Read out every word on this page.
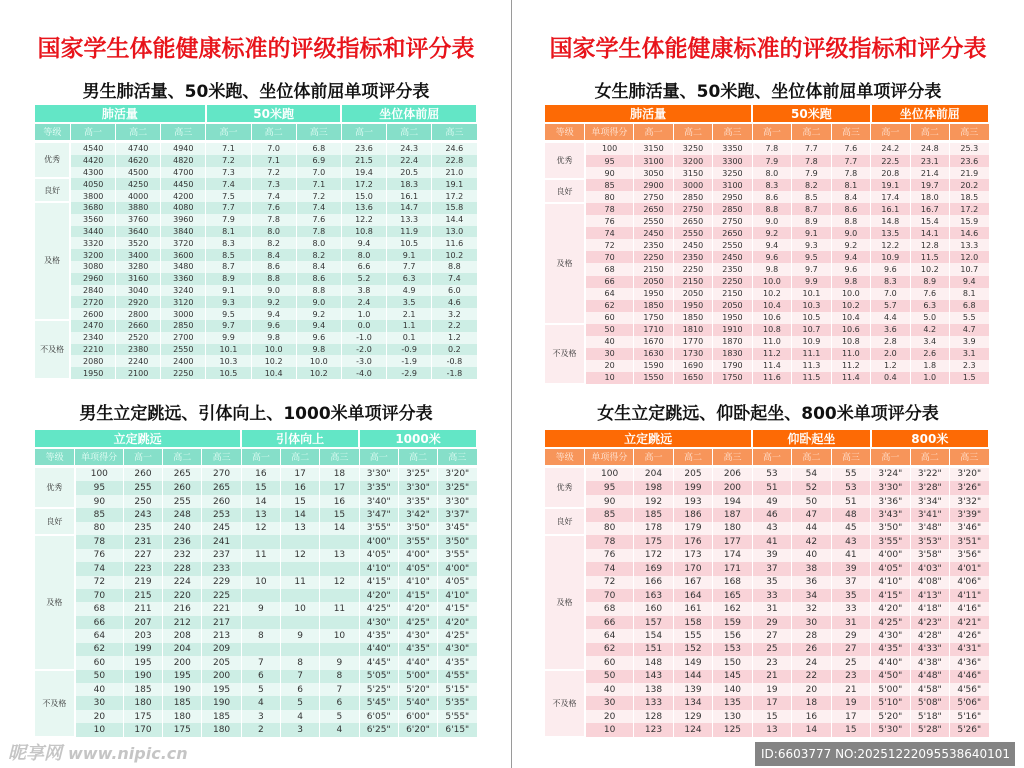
国家学生体能健康标准的评级指标和评分表	国家学生体能健康标准的评级指标和评分表
男生肺活量、50米跑、坐位体前屈单项评分表	女生肺活量、50米跑、坐位体前屈单项评分表
男生立定跳远、引体向上、1000米单项评分表	女生立定跳远、仰卧起坐、800米单项评分表
肺活量				50米跑			坐位体前屈		
等级	高一	高二	高三	高一	高二	高三	高一	高二	高三
优秀	4540	4740	4940	7.1	7.0	6.8	23.6	24.3	24.6
	4420	4620	4820	7.2	7.1	6.9	21.5	22.4	22.8
	4300	4500	4700	7.3	7.2	7.0	19.4	20.5	21.0
良好	4050	4250	4450	7.4	7.3	7.1	17.2	18.3	19.1
	3800	4000	4200	7.5	7.4	7.2	15.0	16.1	17.2
及格	3680	3880	4080	7.7	7.6	7.4	13.6	14.7	15.8
	3560	3760	3960	7.9	7.8	7.6	12.2	13.3	14.4
	3440	3640	3840	8.1	8.0	7.8	10.8	11.9	13.0
	3320	3520	3720	8.3	8.2	8.0	9.4	10.5	11.6
	3200	3400	3600	8.5	8.4	8.2	8.0	9.1	10.2
	3080	3280	3480	8.7	8.6	8.4	6.6	7.7	8.8
	2960	3160	3360	8.9	8.8	8.6	5.2	6.3	7.4
	2840	3040	3240	9.1	9.0	8.8	3.8	4.9	6.0
	2720	2920	3120	9.3	9.2	9.0	2.4	3.5	4.6
	2600	2800	3000	9.5	9.4	9.2	1.0	2.1	3.2
不及格	2470	2660	2850	9.7	9.6	9.4	0.0	1.1	2.2
	2340	2520	2700	9.9	9.8	9.6	-1.0	0.1	1.2
	2210	2380	2550	10.1	10.0	9.8	-2.0	-0.9	0.2
	2080	2240	2400	10.3	10.2	10.0	-3.0	-1.9	-0.8
	1950	2100	2250	10.5	10.4	10.2	-4.0	-2.9	-1.8
肺活量					50米跑			坐位体前屈		
等级	单项得分	高一	高二	高三	高一	高二	高三	高一	高二	高三
优秀	100	3150	3250	3350	7.8	7.7	7.6	24.2	24.8	25.3
	95	3100	3200	3300	7.9	7.8	7.7	22.5	23.1	23.6
	90	3050	3150	3250	8.0	7.9	7.8	20.8	21.4	21.9
良好	85	2900	3000	3100	8.3	8.2	8.1	19.1	19.7	20.2
	80	2750	2850	2950	8.6	8.5	8.4	17.4	18.0	18.5
及格	78	2650	2750	2850	8.8	8.7	8.6	16.1	16.7	17.2
	76	2550	2650	2750	9.0	8.9	8.8	14.8	15.4	15.9
	74	2450	2550	2650	9.2	9.1	9.0	13.5	14.1	14.6
	72	2350	2450	2550	9.4	9.3	9.2	12.2	12.8	13.3
	70	2250	2350	2450	9.6	9.5	9.4	10.9	11.5	12.0
	68	2150	2250	2350	9.8	9.7	9.6	9.6	10.2	10.7
	66	2050	2150	2250	10.0	9.9	9.8	8.3	8.9	9.4
	64	1950	2050	2150	10.2	10.1	10.0	7.0	7.6	8.1
	62	1850	1950	2050	10.4	10.3	10.2	5.7	6.3	6.8
	60	1750	1850	1950	10.6	10.5	10.4	4.4	5.0	5.5
不及格	50	1710	1810	1910	10.8	10.7	10.6	3.6	4.2	4.7
	40	1670	1770	1870	11.0	10.9	10.8	2.8	3.4	3.9
	30	1630	1730	1830	11.2	11.1	11.0	2.0	2.6	3.1
	20	1590	1690	1790	11.4	11.3	11.2	1.2	1.8	2.3
	10	1550	1650	1750	11.6	11.5	11.4	0.4	1.0	1.5
立定跳远					引体向上			1000米		
等级	单项得分	高一	高二	高三	高一	高二	高三	高一	高二	高三
优秀	100	260	265	270	16	17	18	3'30"	3'25"	3'20"
	95	255	260	265	15	16	17	3'35"	3'30"	3'25"
	90	250	255	260	14	15	16	3'40"	3'35"	3'30"
良好	85	243	248	253	13	14	15	3'47"	3'42"	3'37"
	80	235	240	245	12	13	14	3'55"	3'50"	3'45"
及格	78	231	236	241				4'00"	3'55"	3'50"
	76	227	232	237	11	12	13	4'05"	4'00"	3'55"
	74	223	228	233				4'10"	4'05"	4'00"
	72	219	224	229	10	11	12	4'15"	4'10"	4'05"
	70	215	220	225				4'20"	4'15"	4'10"
	68	211	216	221	9	10	11	4'25"	4'20"	4'15"
	66	207	212	217				4'30"	4'25"	4'20"
	64	203	208	213	8	9	10	4'35"	4'30"	4'25"
	62	199	204	209				4'40"	4'35"	4'30"
	60	195	200	205	7	8	9	4'45"	4'40"	4'35"
不及格	50	190	195	200	6	7	8	5'05"	5'00"	4'55"
	40	185	190	195	5	6	7	5'25"	5'20"	5'15"
	30	180	185	190	4	5	6	5'45"	5'40"	5'35"
	20	175	180	185	3	4	5	6'05"	6'00"	5'55"
	10	170	175	180	2	3	4	6'25"	6'20"	6'15"
立定跳远					仰卧起坐			800米		
等级	单项得分	高一	高二	高三	高一	高二	高三	高一	高二	高三
优秀	100	204	205	206	53	54	55	3'24"	3'22"	3'20"
	95	198	199	200	51	52	53	3'30"	3'28"	3'26"
	90	192	193	194	49	50	51	3'36"	3'34"	3'32"
良好	85	185	186	187	46	47	48	3'43"	3'41"	3'39"
	80	178	179	180	43	44	45	3'50"	3'48"	3'46"
及格	78	175	176	177	41	42	43	3'55"	3'53"	3'51"
	76	172	173	174	39	40	41	4'00"	3'58"	3'56"
	74	169	170	171	37	38	39	4'05"	4'03"	4'01"
	72	166	167	168	35	36	37	4'10"	4'08"	4'06"
	70	163	164	165	33	34	35	4'15"	4'13"	4'11"
	68	160	161	162	31	32	33	4'20"	4'18"	4'16"
	66	157	158	159	29	30	31	4'25"	4'23"	4'21"
	64	154	155	156	27	28	29	4'30"	4'28"	4'26"
	62	151	152	153	25	26	27	4'35"	4'33"	4'31"
	60	148	149	150	23	24	25	4'40"	4'38"	4'36"
不及格	50	143	144	145	21	22	23	4'50"	4'48"	4'46"
	40	138	139	140	19	20	21	5'00"	4'58"	4'56"
	30	133	134	135	17	18	19	5'10"	5'08"	5'06"
	20	128	129	130	15	16	17	5'20"	5'18"	5'16"
	10	123	124	125	13	14	15	5'30"	5'28"	5'26"
昵享网 www.nipic.cn	ID:6603777 NO:20251222095538640101
